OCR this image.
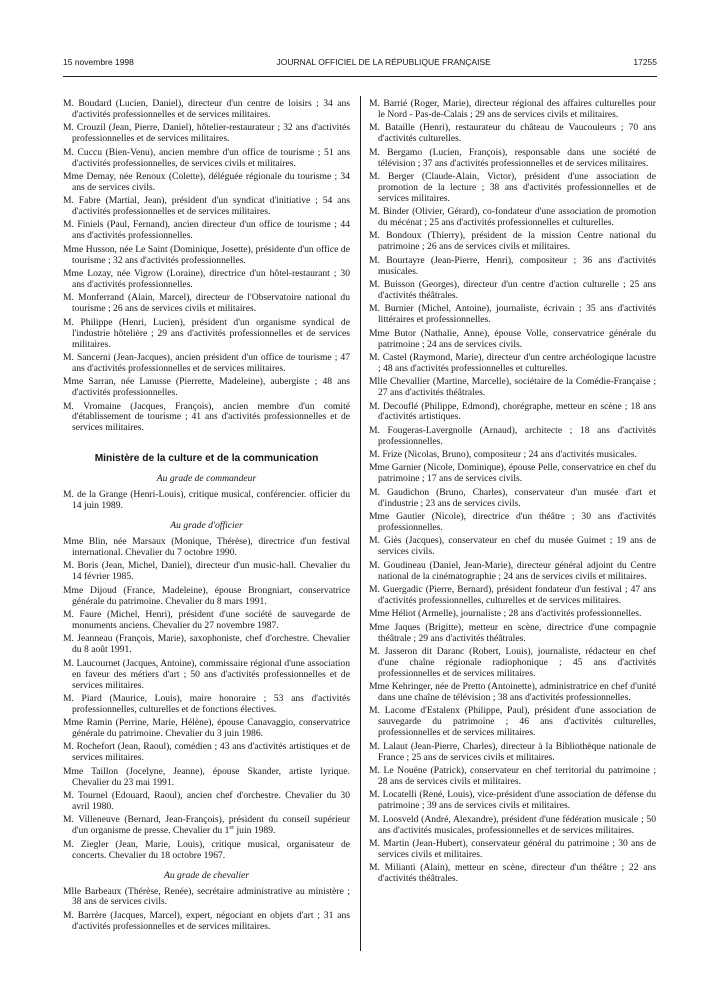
15 novembre 1998	JOURNAL OFFICIEL DE LA RÉPUBLIQUE FRANÇAISE	17255

M. Boudard (Lucien, Daniel), directeur d'un centre de loisirs ; 34 ans d'activités professionnelles et de services militaires.

M. Crouzil (Jean, Pierre, Daniel), hôtelier-restaurateur ; 32 ans d'activités professionnelles et de services militaires.

M. Cuccu (Bien-Venu), ancien membre d'un office de tourisme ; 51 ans d'activités professionnelles, de services civils et militaires.

Mme Demay, née Renoux (Colette), déléguée régionale du tourisme ; 34 ans de services civils.

M. Fabre (Martial, Jean), président d'un syndicat d'initiative ; 54 ans d'activités professionnelles et de services militaires.

M. Finiels (Paul, Fernand), ancien directeur d'un office de tourisme ; 44 ans d'activités professionnelles.

Mme Husson, née Le Saint (Dominique, Josette), présidente d'un office de tourisme ; 32 ans d'activités professionnelles.

Mme Lozay, née Vigrow (Loraine), directrice d'un hôtel-restaurant ; 30 ans d'activités professionnelles.

M. Monferrand (Alain, Marcel), directeur de l'Observatoire national du tourisme ; 26 ans de services civils et militaires.

M. Philippe (Henri, Lucien), président d'un organisme syndical de l'industrie hôtelière ; 29 ans d'activités professionnelles et de services militaires.

M. Sancerni (Jean-Jacques), ancien président d'un office de tourisme ; 47 ans d'activités professionnelles et de services militaires.

Mme Sarran, née Lanusse (Pierrette, Madeleine), aubergiste ; 48 ans d'activités professionnelles.

M. Vromaine (Jacques, François), ancien membre d'un comité d'établissement de tourisme ; 41 ans d'activités professionnelles et de services militaires.

Ministère de la culture et de la communication
Au grade de commandeur

M. de la Grange (Henri-Louis), critique musical, conférencier. officier du 14 juin 1989.

Au grade d'officier

Mme Blin, née Marsaux (Monique, Thérèse), directrice d'un festival international. Chevalier du 7 octobre 1990.

M. Boris (Jean, Michel, Daniel), directeur d'un music-hall. Chevalier du 14 février 1985.

Mme Dijoud (France, Madeleine), épouse Brongniart, conservatrice générale du patrimoine. Chevalier du 8 mars 1991.

M. Faure (Michel, Henri), président d'une société de sauvegarde de monuments anciens. Chevalier du 27 novembre 1987.

M. Jeanneau (François, Marie), saxophoniste, chef d'orchestre. Chevalier du 8 août 1991.

M. Laucournet (Jacques, Antoine), commissaire régional d'une association en faveur des métiers d'art ; 50 ans d'activités professionnelles et de services militaires.

M. Piard (Maurice, Louis), maire honoraire ; 53 ans d'activités professionnelles, culturelles et de fonctions électives.

Mme Ramin (Perrine, Marie, Hélène), épouse Canavaggio, conservatrice générale du patrimoine. Chevalier du 3 juin 1986.

M. Rochefort (Jean, Raoul), comédien ; 43 ans d'activités artistiques et de services militaires.

Mme Taillon (Jocelyne, Jeanne), épouse Skander, artiste lyrique. Chevalier du 23 mai 1991.

M. Tournel (Edouard, Raoul), ancien chef d'orchestre. Chevalier du 30 avril 1980.

M. Villeneuve (Bernard, Jean-François), président du conseil supérieur d'un organisme de presse. Chevalier du 1er juin 1989.

M. Ziegler (Jean, Marie, Louis), critique musical, organisateur de concerts. Chevalier du 18 octobre 1967.

Au grade de chevalier

Mlle Barbeaux (Thérèse, Renée), secrétaire administrative au ministère ; 38 ans de services civils.

M. Barrère (Jacques, Marcel), expert, négociant en objets d'art ; 31 ans d'activités professionnelles et de services militaires.

M. Barrié (Roger, Marie), directeur régional des affaires culturelles pour le Nord - Pas-de-Calais ; 29 ans de services civils et militaires.

M. Bataille (Henri), restaurateur du château de Vaucouleurs ; 70 ans d'activités culturelles.

M. Bergamo (Lucien, François), responsable dans une société de télévision ; 37 ans d'activités professionnelles et de services militaires.

M. Berger (Claude-Alain, Victor), président d'une association de promotion de la lecture ; 38 ans d'activités professionnelles et de services militaires.

M. Binder (Olivier, Gérard), co-fondateur d'une association de promotion du mécénat ; 25 ans d'activités professionnelles et culturelles.

M. Bondoux (Thierry), président de la mission Centre national du patrimoine ; 26 ans de services civils et militaires.

M. Bourtayre (Jean-Pierre, Henri), compositeur ; 36 ans d'activités musicales.

M. Buisson (Georges), directeur d'un centre d'action culturelle ; 25 ans d'activités théâtrales.

M. Burnier (Michel, Antoine), journaliste, écrivain ; 35 ans d'activités littéraires et professionnelles.

Mme Butor (Nathalie, Anne), épouse Volle, conservatrice générale du patrimoine ; 24 ans de services civils.

M. Castel (Raymond, Marie), directeur d'un centre archéologique lacustre ; 48 ans d'activités professionnelles et culturelles.

Mlle Chevallier (Martine, Marcelle), sociétaire de la Comédie-Française ; 27 ans d'activités théâtrales.

M. Decouflé (Philippe, Edmond), chorégraphe, metteur en scène ; 18 ans d'activités artistiques.

M. Fougeras-Lavergnolle (Arnaud), architecte ; 18 ans d'activités professionnelles.

M. Frize (Nicolas, Bruno), compositeur ; 24 ans d'activités musicales.

Mme Garnier (Nicole, Dominique), épouse Pelle, conservatrice en chef du patrimoine ; 17 ans de services civils.

M. Gaudichon (Bruno, Charles), conservateur d'un musée d'art et d'industrie ; 23 ans de services civils.

Mme Gautier (Nicole), directrice d'un théâtre ; 30 ans d'activités professionnelles.

M. Giès (Jacques), conservateur en chef du musée Guimet ; 19 ans de services civils.

M. Goudineau (Daniel, Jean-Marie), directeur général adjoint du Centre national de la cinématographie ; 24 ans de services civils et militaires.

M. Guergadic (Pierre, Bernard), président fondateur d'un festival ; 47 ans d'activités professionnelles, culturelles et de services militaires.

Mme Héliot (Armelle), journaliste ; 28 ans d'activités professionnelles.

Mme Jaques (Brigitte), metteur en scène, directrice d'une compagnie théâtrale ; 29 ans d'activités théâtrales.

M. Jasseron dit Daranc (Robert, Louis), journaliste, rédacteur en chef d'une chaîne régionale radiophonique ; 45 ans d'activités professionnelles et de services militaires.

Mme Kehringer, née de Pretto (Antoinette), administratrice en chef d'unité dans une chaîne de télévision ; 38 ans d'activités professionnelles.

M. Lacome d'Estalenx (Philippe, Paul), président d'une association de sauvegarde du patrimoine ; 46 ans d'activités culturelles, professionnelles et de services militaires.

M. Lalaut (Jean-Pierre, Charles), directeur à la Bibliothèque nationale de France ; 25 ans de services civils et militaires.

M. Le Nouëne (Patrick), conservateur en chef territorial du patrimoine ; 28 ans de services civils et militaires.

M. Locatelli (René, Louis), vice-président d'une association de défense du patrimoine ; 39 ans de services civils et militaires.

M. Loosveld (André, Alexandre), président d'une fédération musicale ; 50 ans d'activités musicales, professionnelles et de services militaires.

M. Martin (Jean-Hubert), conservateur général du patrimoine ; 30 ans de services civils et militaires.

M. Milianti (Alain), metteur en scène, directeur d'un théâtre ; 22 ans d'activités théâtrales.
